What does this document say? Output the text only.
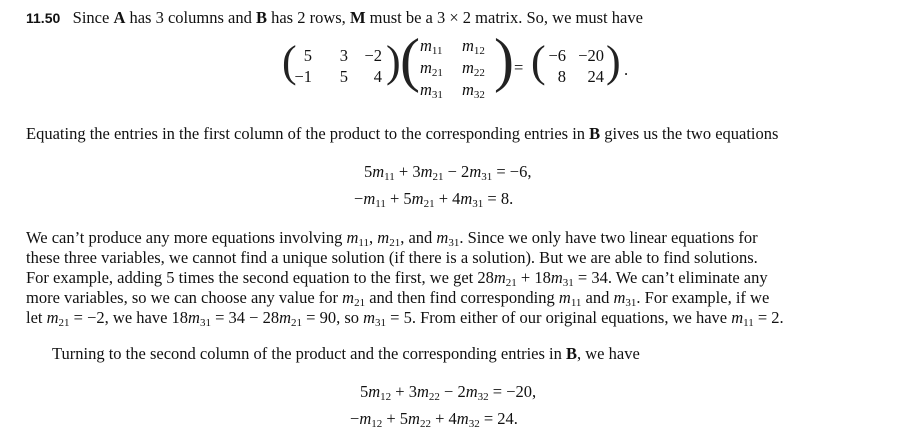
11.50 Since A has 3 columns and B has 2 rows, M must be a 3 × 2 matrix. So, we must have
( 5	3 −2
−1	5	4 ) ( $m_{11}$ $m_{12}$
$m_{21}$ $m_{22}$
$m_{31}$ $m_{32}$
) = ( −6 −20
8	24 ) .
Equating the entries in the first column of the product to the corresponding entries in B gives us the two equations
$5m_{11} + 3m_{21} - 2m_{31} = -6$,
$-m_{11} + 5m_{21} + 4m_{31} = 8$.
We can’t produce any more equations involving $m_{11}$, $m_{21}$, and $m_{31}$. Since we only have two linear equations for
these three variables, we cannot find a unique solution (if there is a solution). But we are able to find solutions.
For example, adding 5 times the second equation to the first, we get $28m_{21} + 18m_{31} = 34$. We can’t eliminate any
more variables, so we can choose any value for $m_{21}$ and then find corresponding $m_{11}$ and $m_{31}$. For example, if we
let $m_{21} = -2$, we have $18m_{31} = 34 - 28m_{21} = 90$, so $m_{31} = 5$. From either of our original equations, we have $m_{11} = 2$.
Turning to the second column of the product and the corresponding entries in B, we have
$5m_{12} + 3m_{22} - 2m_{32} = -20$,
$-m_{12} + 5m_{22} + 4m_{32} = 24$.
